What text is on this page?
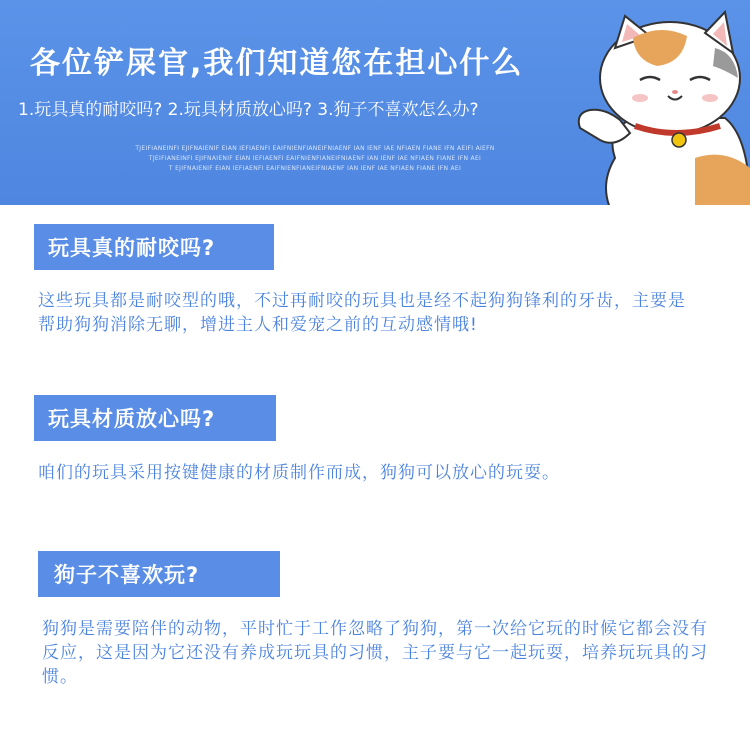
各位铲屎官,我们知道您在担心什么
1.玩具真的耐咬吗? 2.玩具材质放心吗? 3.狗子不喜欢怎么办?
TJEIFIANEINFI EJIFNAIENIF EIAN IEFIAENFI EAIFNIENFIANEIFNIAENF IAN IENF IAE NFIAEN FIANE IFN AEIFI AIEFN
TJEIFIANEINFI EJIFNAIENIF EIAN IEFIAENFI EAIFNIENFIANEIFNIAENF IAN IENF IAE NFIAEN FIANE IFN AEI
T EJIFNAIENIF EIAN IEFIAENFI EAIFNIENFIANEIFNIAENF IAN IENF IAE NFIAEN FIANE IFN AEI
玩具真的耐咬吗?
这些玩具都是耐咬型的哦，不过再耐咬的玩具也是经不起狗狗锋利的牙齿，主要是帮助狗狗消除无聊，增进主人和爱宠之前的互动感情哦!
玩具材质放心吗?
咱们的玩具采用按键健康的材质制作而成，狗狗可以放心的玩耍。
狗子不喜欢玩?
狗狗是需要陪伴的动物，平时忙于工作忽略了狗狗，第一次给它玩的时候它都会没有反应，这是因为它还没有养成玩玩具的习惯，主子要与它一起玩耍，培养玩玩具的习惯。
